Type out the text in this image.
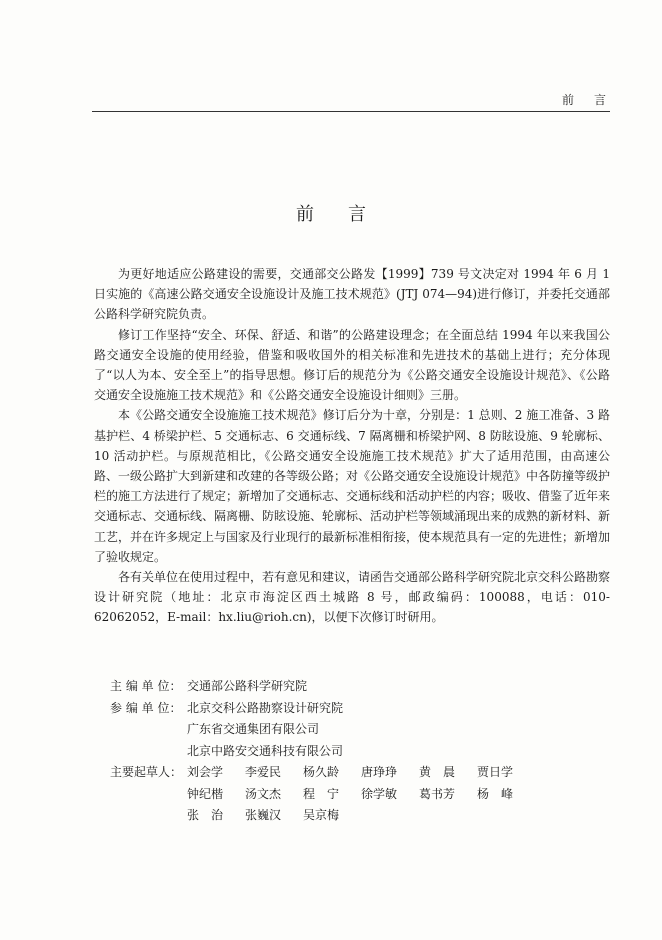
前言
前言

为更好地适应公路建设的需要，交通部交公路发【1999】739 号文决定对 1994 年 6 月 1 日实施的《高速公路交通安全设施设计及施工技术规范》(JTJ 074—94)进行修订，并委托交通部公路科学研究院负责。

修订工作坚持“安全、环保、舒适、和谐”的公路建设理念；在全面总结 1994 年以来我国公路交通安全设施的使用经验，借鉴和吸收国外的相关标准和先进技术的基础上进行；充分体现了“以人为本、安全至上”的指导思想。修订后的规范分为《公路交通安全设施设计规范》、《公路交通安全设施施工技术规范》和《公路交通安全设施设计细则》三册。

本《公路交通安全设施施工技术规范》修订后分为十章，分别是：1 总则、2 施工准备、3 路基护栏、4 桥梁护栏、5 交通标志、6 交通标线、7 隔离栅和桥梁护网、8 防眩设施、9 轮廓标、10 活动护栏。与原规范相比，《公路交通安全设施施工技术规范》扩大了适用范围，由高速公路、一级公路扩大到新建和改建的各等级公路；对《公路交通安全设施设计规范》中各防撞等级护栏的施工方法进行了规定；新增加了交通标志、交通标线和活动护栏的内容；吸收、借鉴了近年来交通标志、交通标线、隔离栅、防眩设施、轮廓标、活动护栏等领域涌现出来的成熟的新材料、新工艺，并在许多规定上与国家及行业现行的最新标准相衔接，使本规范具有一定的先进性；新增加了验收规定。

各有关单位在使用过程中，若有意见和建议，请函告交通部公路科学研究院北京交科公路勘察设计研究院（地址：北京市海淀区西土城路 8 号，邮政编码：100088，电话：010-62062052，E-mail：hx.liu@rioh.cn)，以便下次修订时研用。

主 编 单 位： 交通部公路科学研究院
参 编 单 位： 北京交科公路勘察设计研究院
广东省交通集团有限公司
北京中路安交通科技有限公司
主要起草人： 刘会学	李爱民	杨久龄	唐琤琤	黄　晨	贾日学
钟纪楷	汤文杰	程　宁	徐学敏	葛书芳	杨　峰
张　治	张巍汉	吴京梅
